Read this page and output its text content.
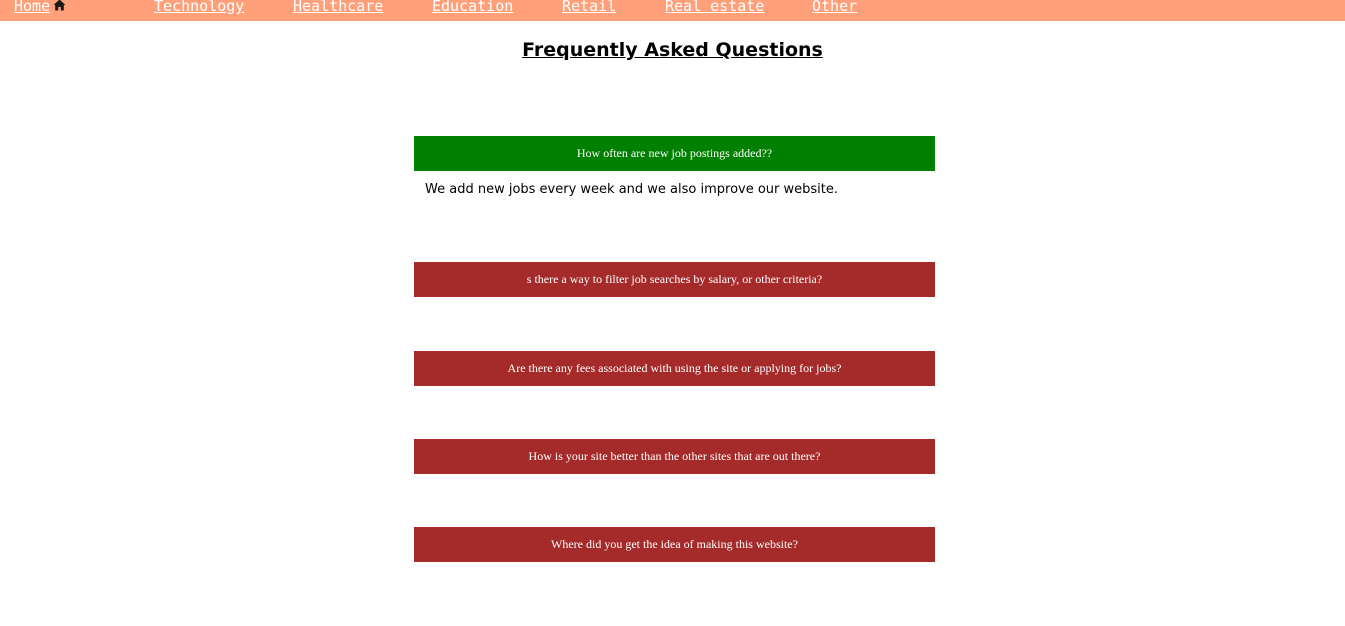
Home	Technology	Healthcare	Education	Retail	Real estate	Other
Frequently Asked Questions
How often are new job postings added??

We add new jobs every week and we also improve our website.

s there a way to filter job searches by salary, or other criteria?
Are there any fees associated with using the site or applying for jobs?
How is your site better than the other sites that are out there?
Where did you get the idea of making this website?
